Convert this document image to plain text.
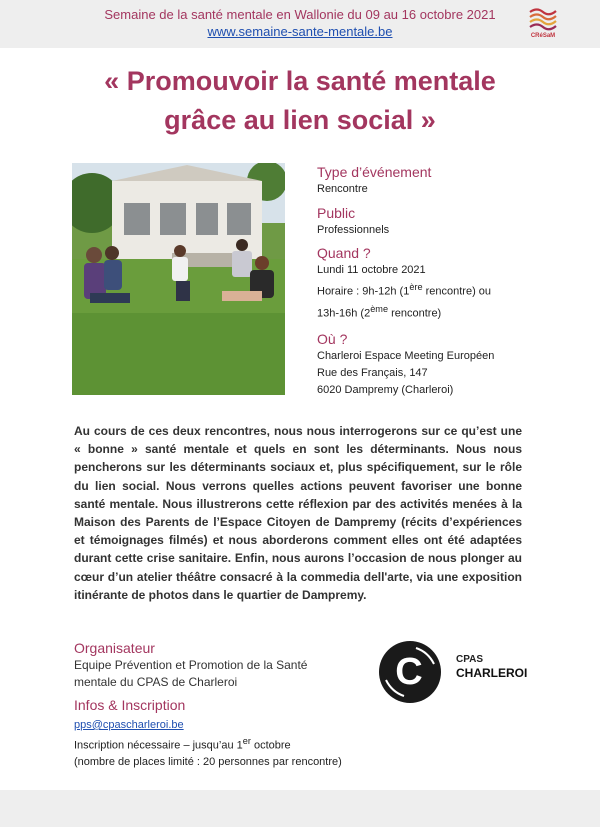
Semaine de la santé mentale en Wallonie du 09 au 16 octobre 2021
www.semaine-sante-mentale.be	CRéSaM
« Promouvoir la santé mentale
grâce au lien social »
Type d’événement
Rencontre
Public
Professionnels
Quand ?
Lundi 11 octobre 2021
Horaire : 9h-12h (1ère rencontre) ou
13h-16h (2ème rencontre)
Où ?
Charleroi Espace Meeting Européen
Rue des Français, 147
6020 Dampremy (Charleroi)
Au cours de ces deux rencontres, nous nous interrogerons sur ce qu’est une « bonne » santé mentale et quels en sont les déterminants. Nous nous pencherons sur les déterminants sociaux et, plus spécifiquement, sur le rôle du lien social. Nous verrons quelles actions peuvent favoriser une bonne santé mentale. Nous illustrerons cette réflexion par des activités menées à la Maison des Parents de l’Espace Citoyen de Dampremy (récits d’expériences et témoignages filmés) et nous aborderons comment elles ont été adaptées durant cette crise sanitaire. Enfin, nous aurons l’occasion de nous plonger au cœur d’un atelier théâtre consacré à la commedia dell'arte, via une exposition itinérante de photos dans le quartier de Dampremy.
Organisateur
Equipe Prévention et Promotion de la Santé
mentale du CPAS de Charleroi
Infos & Inscription
pps@cpascharleroi.be
Inscription nécessaire – jusqu’au 1er octobre
(nombre de places limité : 20 personnes par rencontre)
C	CPAS
CHARLEROI
